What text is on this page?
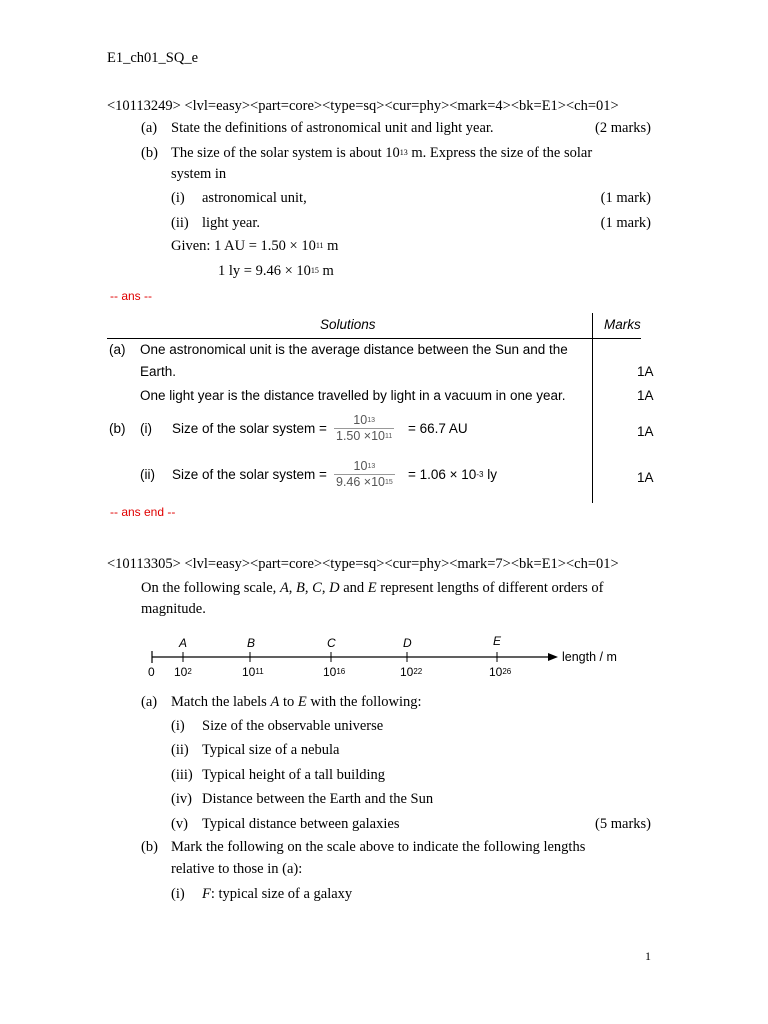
E1_ch01_SQ_e
<10113249> <lvl=easy><part=core><type=sq><cur=phy><mark=4><bk=E1><ch=01>
(a) State the definitions of astronomical unit and light year.	(2 marks)
(b) The size of the solar system is about $10^{13}$ m. Express the size of the solar
system in
(i) astronomical unit,	(1 mark)
(ii) light year.	(1 mark)
Given: 1 AU = $1.50 \times 10^{11}$ m
1 ly = $9.46 \times 10^{15}$ m
-- ans --
Solutions	Marks
(a) One astronomical unit is the average distance between the Sun and the
Earth.	1A
One light year is the distance travelled by light in a vacuum in one year.	1A
(b) (i) Size of the solar system = $\frac{10^{13}}{1.50 \times 10^{11}} = 66.7$ AU	1A
(ii) Size of the solar system = $\frac{10^{13}}{9.46 \times 10^{15}} = 1.06 \times 10^{-3}$ ly	1A
-- ans end --
<10113305> <lvl=easy><part=core><type=sq><cur=phy><mark=7><bk=E1><ch=01>
On the following scale, A, B, C, D and E represent lengths of different orders of
magnitude.
A	B	C	D	E
0 $10^2$	$10^{11}$	$10^{16}$	$10^{22}$	$10^{26}$
length / m
(a) Match the labels A to E with the following:
(i) Size of the observable universe
(ii) Typical size of a nebula
(iii) Typical height of a tall building
(iv) Distance between the Earth and the Sun
(v) Typical distance between galaxies	(5 marks)
(b) Mark the following on the scale above to indicate the following lengths
relative to those in (a):
(i) F: typical size of a galaxy
1
